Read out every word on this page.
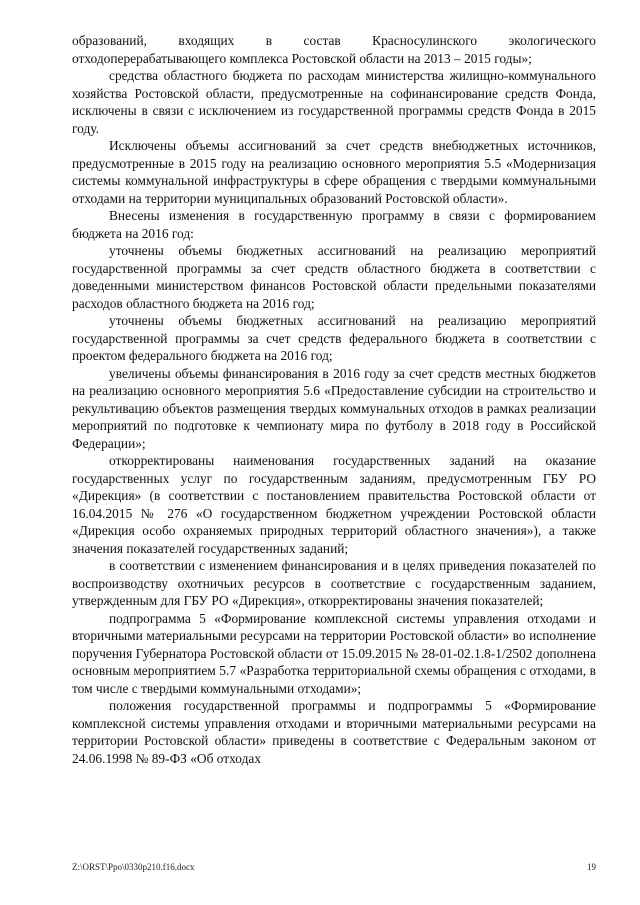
образований, входящих в состав Красносулинского экологического отходоперерабатывающего комплекса Ростовской области на 2013 – 2015 годы»;

средства областного бюджета по расходам министерства жилищно-коммунального хозяйства Ростовской области, предусмотренные на софинансирование средств Фонда, исключены в связи с исключением из государственной программы средств Фонда в 2015 году.

Исключены объемы ассигнований за счет средств внебюджетных источников, предусмотренные в 2015 году на реализацию основного мероприятия 5.5 «Модернизация системы коммунальной инфраструктуры в сфере обращения с твердыми коммунальными отходами на территории муниципальных образований Ростовской области».

Внесены изменения в государственную программу в связи с формированием бюджета на 2016 год:

уточнены объемы бюджетных ассигнований на реализацию мероприятий государственной программы за счет средств областного бюджета в соответствии с доведенными министерством финансов Ростовской области предельными показателями расходов областного бюджета на 2016 год;

уточнены объемы бюджетных ассигнований на реализацию мероприятий государственной программы за счет средств федерального бюджета в соответствии с проектом федерального бюджета на 2016 год;

увеличены объемы финансирования в 2016 году за счет средств местных бюджетов на реализацию основного мероприятия 5.6 «Предоставление субсидии на строительство и рекультивацию объектов размещения твердых коммунальных отходов в рамках реализации мероприятий по подготовке к чемпионату мира по футболу в 2018 году в Российской Федерации»;

откорректированы наименования государственных заданий на оказание государственных услуг по государственным заданиям, предусмотренным ГБУ РО «Дирекция» (в соответствии с постановлением правительства Ростовской области от 16.04.2015 № 276 «О государственном бюджетном учреждении Ростовской области «Дирекция особо охраняемых природных территорий областного значения»), а также значения показателей государственных заданий;

в соответствии с изменением финансирования и в целях приведения показателей по воспроизводству охотничьих ресурсов в соответствие с государственным заданием, утвержденным для ГБУ РО «Дирекция», откорректированы значения показателей;

подпрограмма 5 «Формирование комплексной системы управления отходами и вторичными материальными ресурсами на территории Ростовской области» во исполнение поручения Губернатора Ростовской области от 15.09.2015 № 28-01-02.1.8-1/2502 дополнена основным мероприятием 5.7 «Разработка территориальной схемы обращения с отходами, в том числе с твердыми коммунальными отходами»;

положения государственной программы и подпрограммы 5 «Формирование комплексной системы управления отходами и вторичными материальными ресурсами на территории Ростовской области» приведены в соответствие с Федеральным законом от 24.06.1998 № 89-ФЗ «Об отходах

Z:\ORST\Ppo\0330p210.f16.docx	19
